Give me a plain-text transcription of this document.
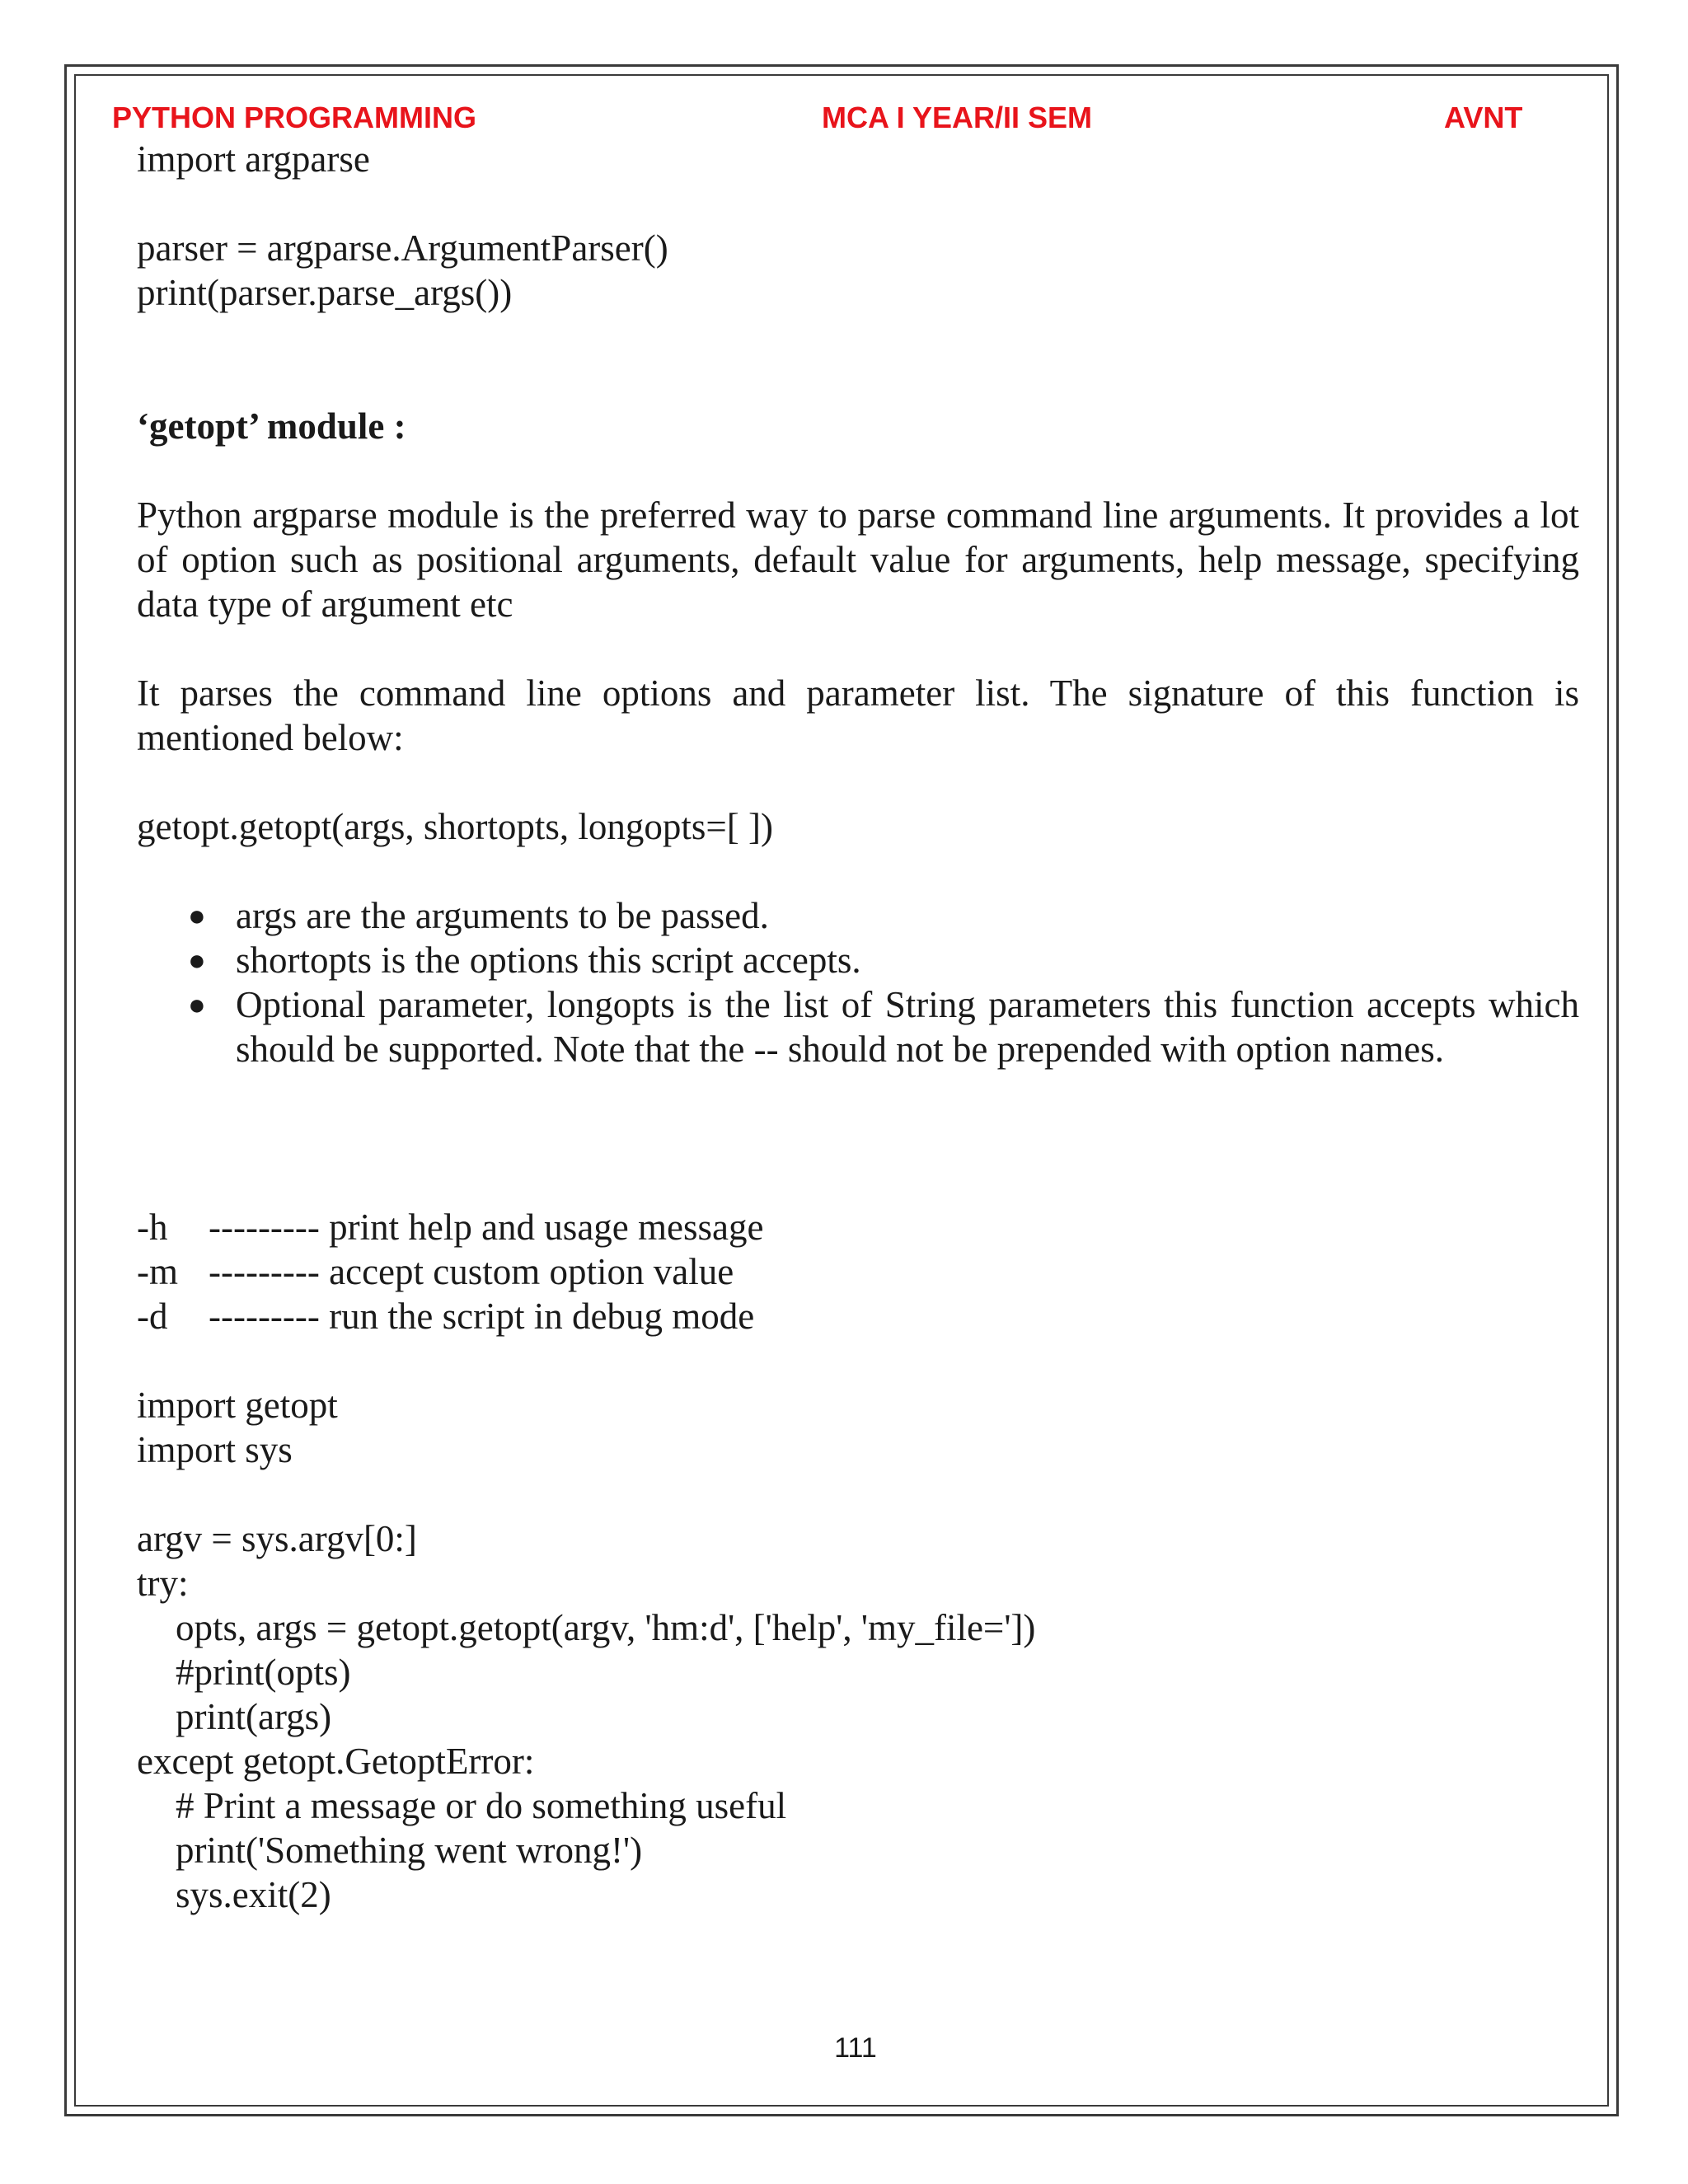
PYTHON PROGRAMMING	MCA I YEAR/II SEM	AVNT
import argparse
parser = argparse.ArgumentParser()
print(parser.parse_args())
‘getopt’ module :
Python argparse module is the preferred way to parse command line arguments. It provides a lot of option such as positional arguments, default value for arguments, help message, specifying data type of argument etc
It parses the command line options and parameter list. The signature of this function is mentioned below:
getopt.getopt(args, shortopts, longopts=[ ])
● args are the arguments to be passed.
● shortopts is the options this script accepts.
● Optional parameter, longopts is the list of String parameters this function accepts which should be supported. Note that the -- should not be prepended with option names.
-h --------- print help and usage message
-m --------- accept custom option value
-d --------- run the script in debug mode
import getopt
import sys
argv = sys.argv[0:]
try:
opts, args = getopt.getopt(argv, 'hm:d', ['help', 'my_file='])
#print(opts)
print(args)
except getopt.GetoptError:
# Print a message or do something useful
print('Something went wrong!')
sys.exit(2)
111
